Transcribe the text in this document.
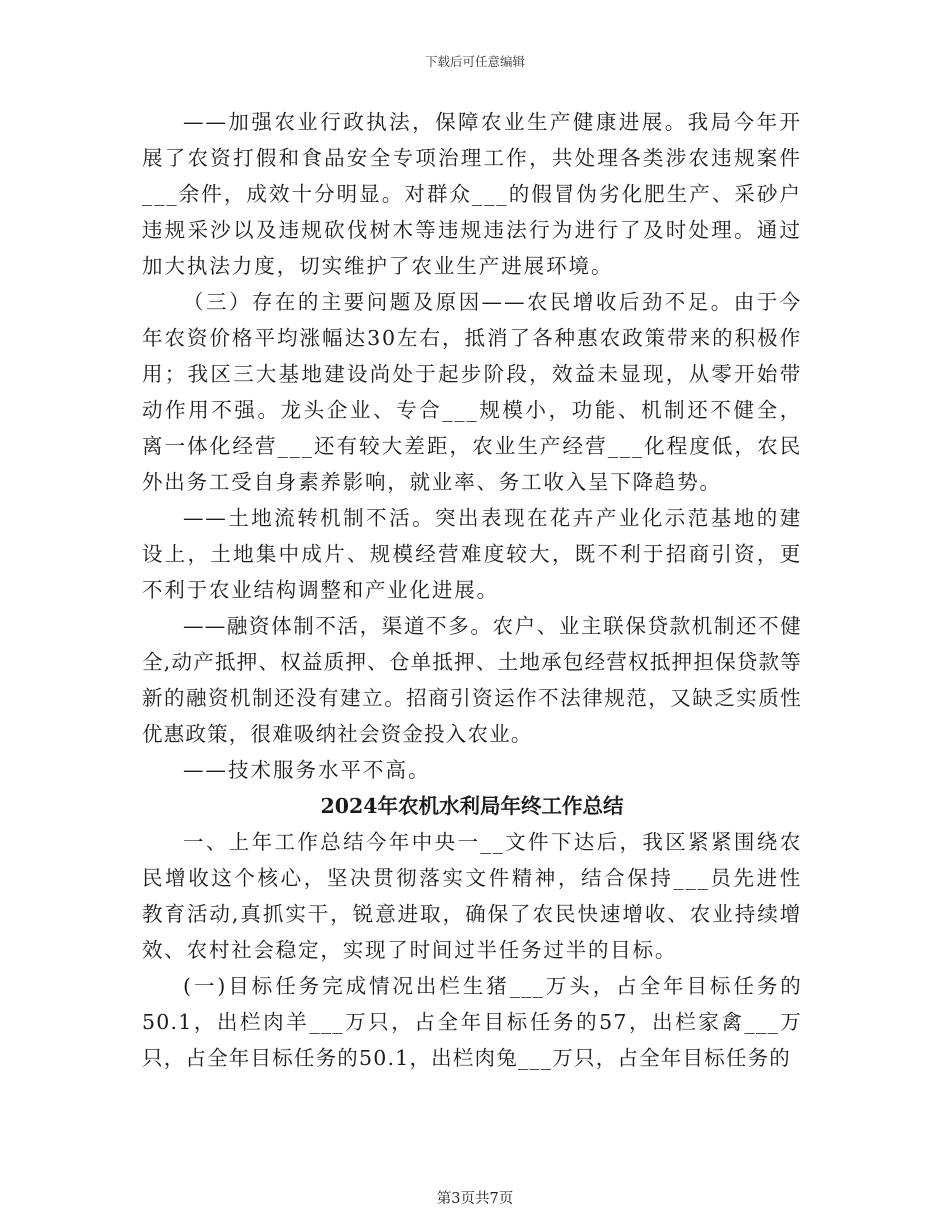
下载后可任意编辑

——加强农业行政执法，保障农业生产健康进展。我局今年开展了农资打假和食品安全专项治理工作，共处理各类涉农违规案件___余件，成效十分明显。对群众___的假冒伪劣化肥生产、采砂户违规采沙以及违规砍伐树木等违规违法行为进行了及时处理。通过加大执法力度，切实维护了农业生产进展环境。

（三）存在的主要问题及原因——农民增收后劲不足。由于今年农资价格平均涨幅达30左右，抵消了各种惠农政策带来的积极作用；我区三大基地建设尚处于起步阶段，效益未显现，从零开始带动作用不强。龙头企业、专合___规模小，功能、机制还不健全，离一体化经营___还有较大差距，农业生产经营___化程度低，农民外出务工受自身素养影响，就业率、务工收入呈下降趋势。

——土地流转机制不活。突出表现在花卉产业化示范基地的建设上，土地集中成片、规模经营难度较大，既不利于招商引资，更不利于农业结构调整和产业化进展。

——融资体制不活，渠道不多。农户、业主联保贷款机制还不健全,动产抵押、权益质押、仓单抵押、土地承包经营权抵押担保贷款等新的融资机制还没有建立。招商引资运作不法律规范，又缺乏实质性优惠政策，很难吸纳社会资金投入农业。

——技术服务水平不高。

2024年农机水利局年终工作总结

一、上年工作总结今年中央一__文件下达后，我区紧紧围绕农民增收这个核心，坚决贯彻落实文件精神，结合保持___员先进性教育活动,真抓实干，锐意进取，确保了农民快速增收、农业持续增效、农村社会稳定，实现了时间过半任务过半的目标。

(一)目标任务完成情况出栏生猪___万头，占全年目标任务的50.1，出栏肉羊___万只，占全年目标任务的57，出栏家禽___万只，占全年目标任务的50.1，出栏肉兔___万只，占全年目标任务的

第3页共7页
